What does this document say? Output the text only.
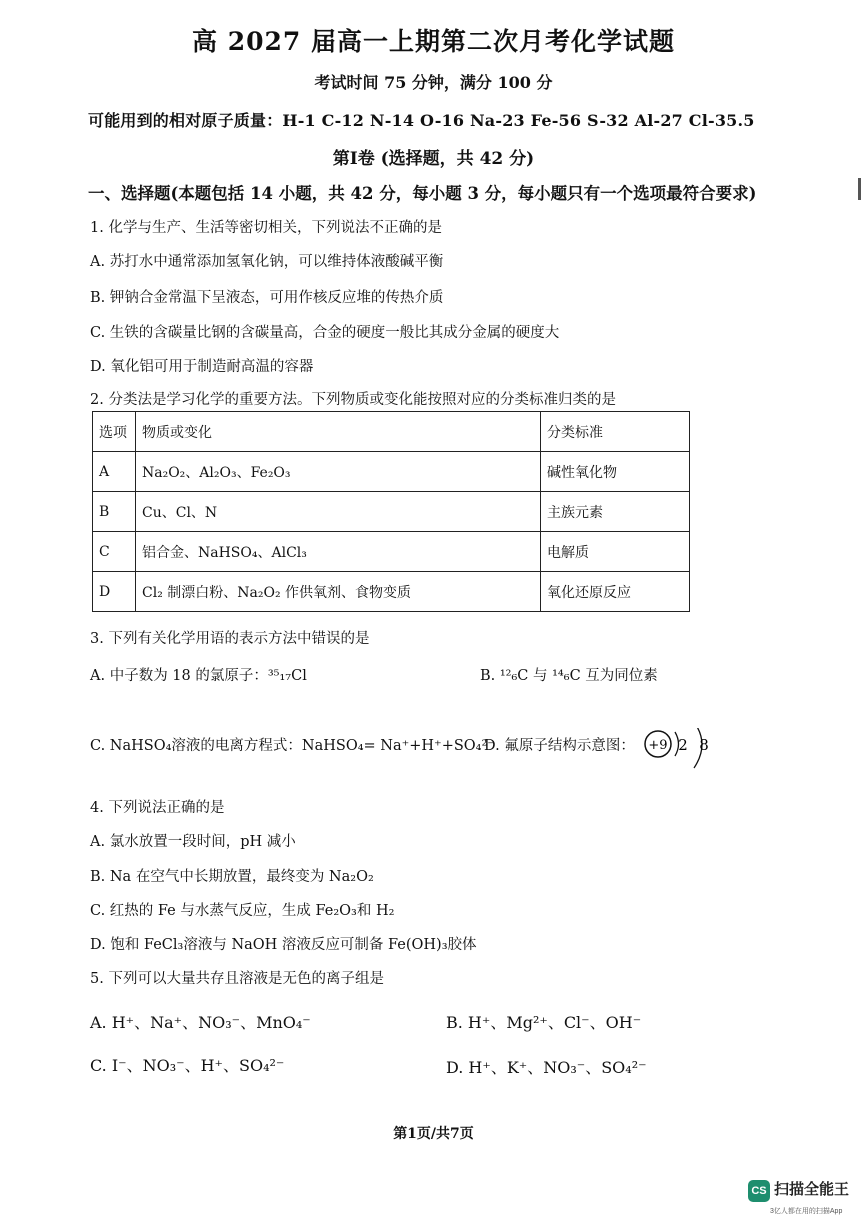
高 2027 届高一上期第二次月考化学试题
考试时间 75 分钟，满分 100 分
可能用到的相对原子质量：H-1 C-12 N-14 O-16 Na-23 Fe-56 S-32 Al-27 Cl-35.5
第Ⅰ卷 (选择题，共 42 分)
一、选择题(本题包括 14 小题，共 42 分，每小题 3 分，每小题只有一个选项最符合要求)
1. 化学与生产、生活等密切相关，下列说法不正确的是
A. 苏打水中通常添加氢氧化钠，可以维持体液酸碱平衡
B. 钾钠合金常温下呈液态，可用作核反应堆的传热介质
C. 生铁的含碳量比钢的含碳量高，合金的硬度一般比其成分金属的硬度大
D. 氧化铝可用于制造耐高温的容器
2. 分类法是学习化学的重要方法。下列物质或变化能按照对应的分类标准归类的是
选项	物质或变化	分类标准
A	Na₂O₂、Al₂O₃、Fe₂O₃	碱性氧化物
B	Cu、Cl、N	主族元素
C	铝合金、NaHSO₄、AlCl₃	电解质
D	Cl₂ 制漂白粉、Na₂O₂ 作供氧剂、食物变质	氧化还原反应
3. 下列有关化学用语的表示方法中错误的是
A. 中子数为 18 的氯原子：³⁵₁₇Cl	B. ¹²₆C 与 ¹⁴₆C 互为同位素
C. NaHSO₄溶液的电离方程式：NaHSO₄= Na⁺+H⁺+SO₄²⁻
D. 氟原子结构示意图： +9 2 8
4. 下列说法正确的是
A. 氯水放置一段时间，pH 减小
B. Na 在空气中长期放置，最终变为 Na₂O₂
C. 红热的 Fe 与水蒸气反应，生成 Fe₂O₃和 H₂
D. 饱和 FeCl₃溶液与 NaOH 溶液反应可制备 Fe(OH)₃胶体
5. 下列可以大量共存且溶液是无色的离子组是
A. H⁺、Na⁺、NO₃⁻、MnO₄⁻	B. H⁺、Mg²⁺、Cl⁻、OH⁻
C. I⁻、NO₃⁻、H⁺、SO₄²⁻	D. H⁺、K⁺、NO₃⁻、SO₄²⁻
第1页/共7页
CS 扫描全能王
3亿人都在用的扫描App
